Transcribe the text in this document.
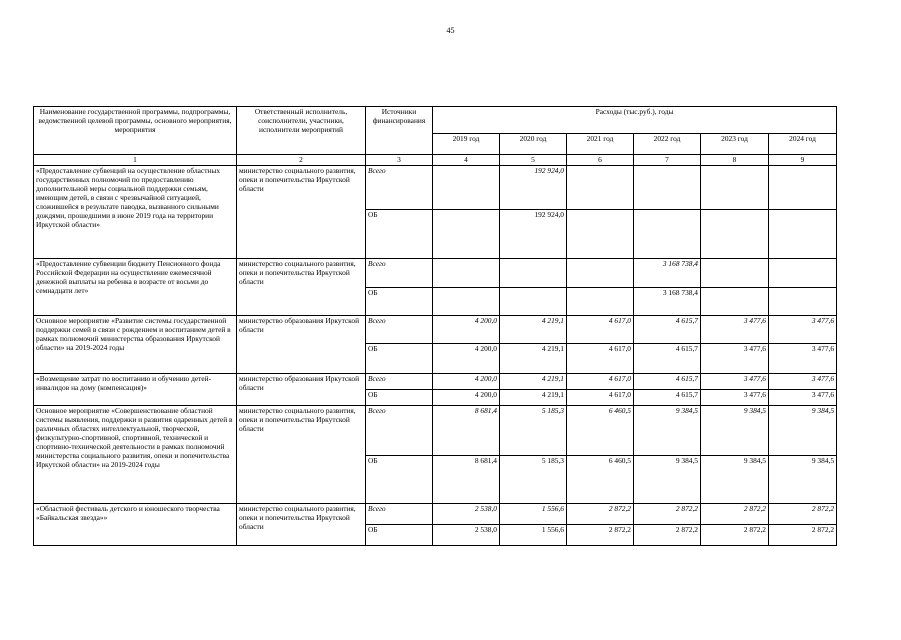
45
Наименование государственной программы, подпрограммы, ведомственной целевой программы, основного мероприятия, мероприятия	Ответственный исполнитель, соисполнители, участники, исполнители мероприятий	Источники финансирования	Расходы (тыс.руб.), годы					
			2019 год	2020 год	2021 год	2022 год	2023 год	2024 год
1	2	3	4	5	6	7	8	9
«Предоставление субвенций на осуществление областных государственных полномочий по предоставлению дополнительной меры социальной поддержки семьям, имеющим детей, в связи с чрезвычайной ситуацией, сложившейся в результате паводка, вызванного сильными дождями, прошедшими в июне 2019 года на территории Иркутской области»	министерство социального развития, опеки и попечительства Иркутской области	Всего		192 924,0				
		ОБ		192 924,0				
«Предоставление субвенции бюджету Пенсионного фонда Российской Федерации на осуществление ежемесячной денежной выплаты на ребенка в возрасте от восьми до семнадцати лет»	министерство социального развития, опеки и попечительства Иркутской области	Всего				3 168 738,4		
		ОБ				3 168 738,4		
Основное мероприятие «Развитие системы государственной поддержки семей в связи с рождением и воспитанием детей в рамках полномочий министерства образования Иркутской области» на 2019-2024 годы	министерство образования Иркутской области	Всего	4 200,0	4 219,1	4 617,0	4 615,7	3 477,6	3 477,6
		ОБ	4 200,0	4 219,1	4 617,0	4 615,7	3 477,6	3 477,6
«Возмещение затрат по воспитанию и обучению детей-инвалидов на дому (компенсация)»	министерство образования Иркутской области	Всего	4 200,0	4 219,1	4 617,0	4 615,7	3 477,6	3 477,6
		ОБ	4 200,0	4 219,1	4 617,0	4 615,7	3 477,6	3 477,6
Основное мероприятие «Совершенствование областной системы выявления, поддержки и развития одаренных детей в различных областях интеллектуальной, творческой, физкультурно-спортивной, спортивной, технической и спортивно-технической деятельности в рамках полномочий министерства социального развития, опеки и попечительства Иркутской области» на 2019-2024 годы	министерство социального развития, опеки и попечительства Иркутской области	Всего	8 681,4	5 185,3	6 460,5	9 384,5	9 384,5	9 384,5
		ОБ	8 681,4	5 185,3	6 460,5	9 384,5	9 384,5	9 384,5
«Областной фестиваль детского и юношеского творчества «Байкальская звезда»»	министерство социального развития, опеки и попечительства Иркутской области	Всего	2 538,0	1 556,6	2 872,2	2 872,2	2 872,2	2 872,2
		ОБ	2 538,0	1 556,6	2 872,2	2 872,2	2 872,2	2 872,2
